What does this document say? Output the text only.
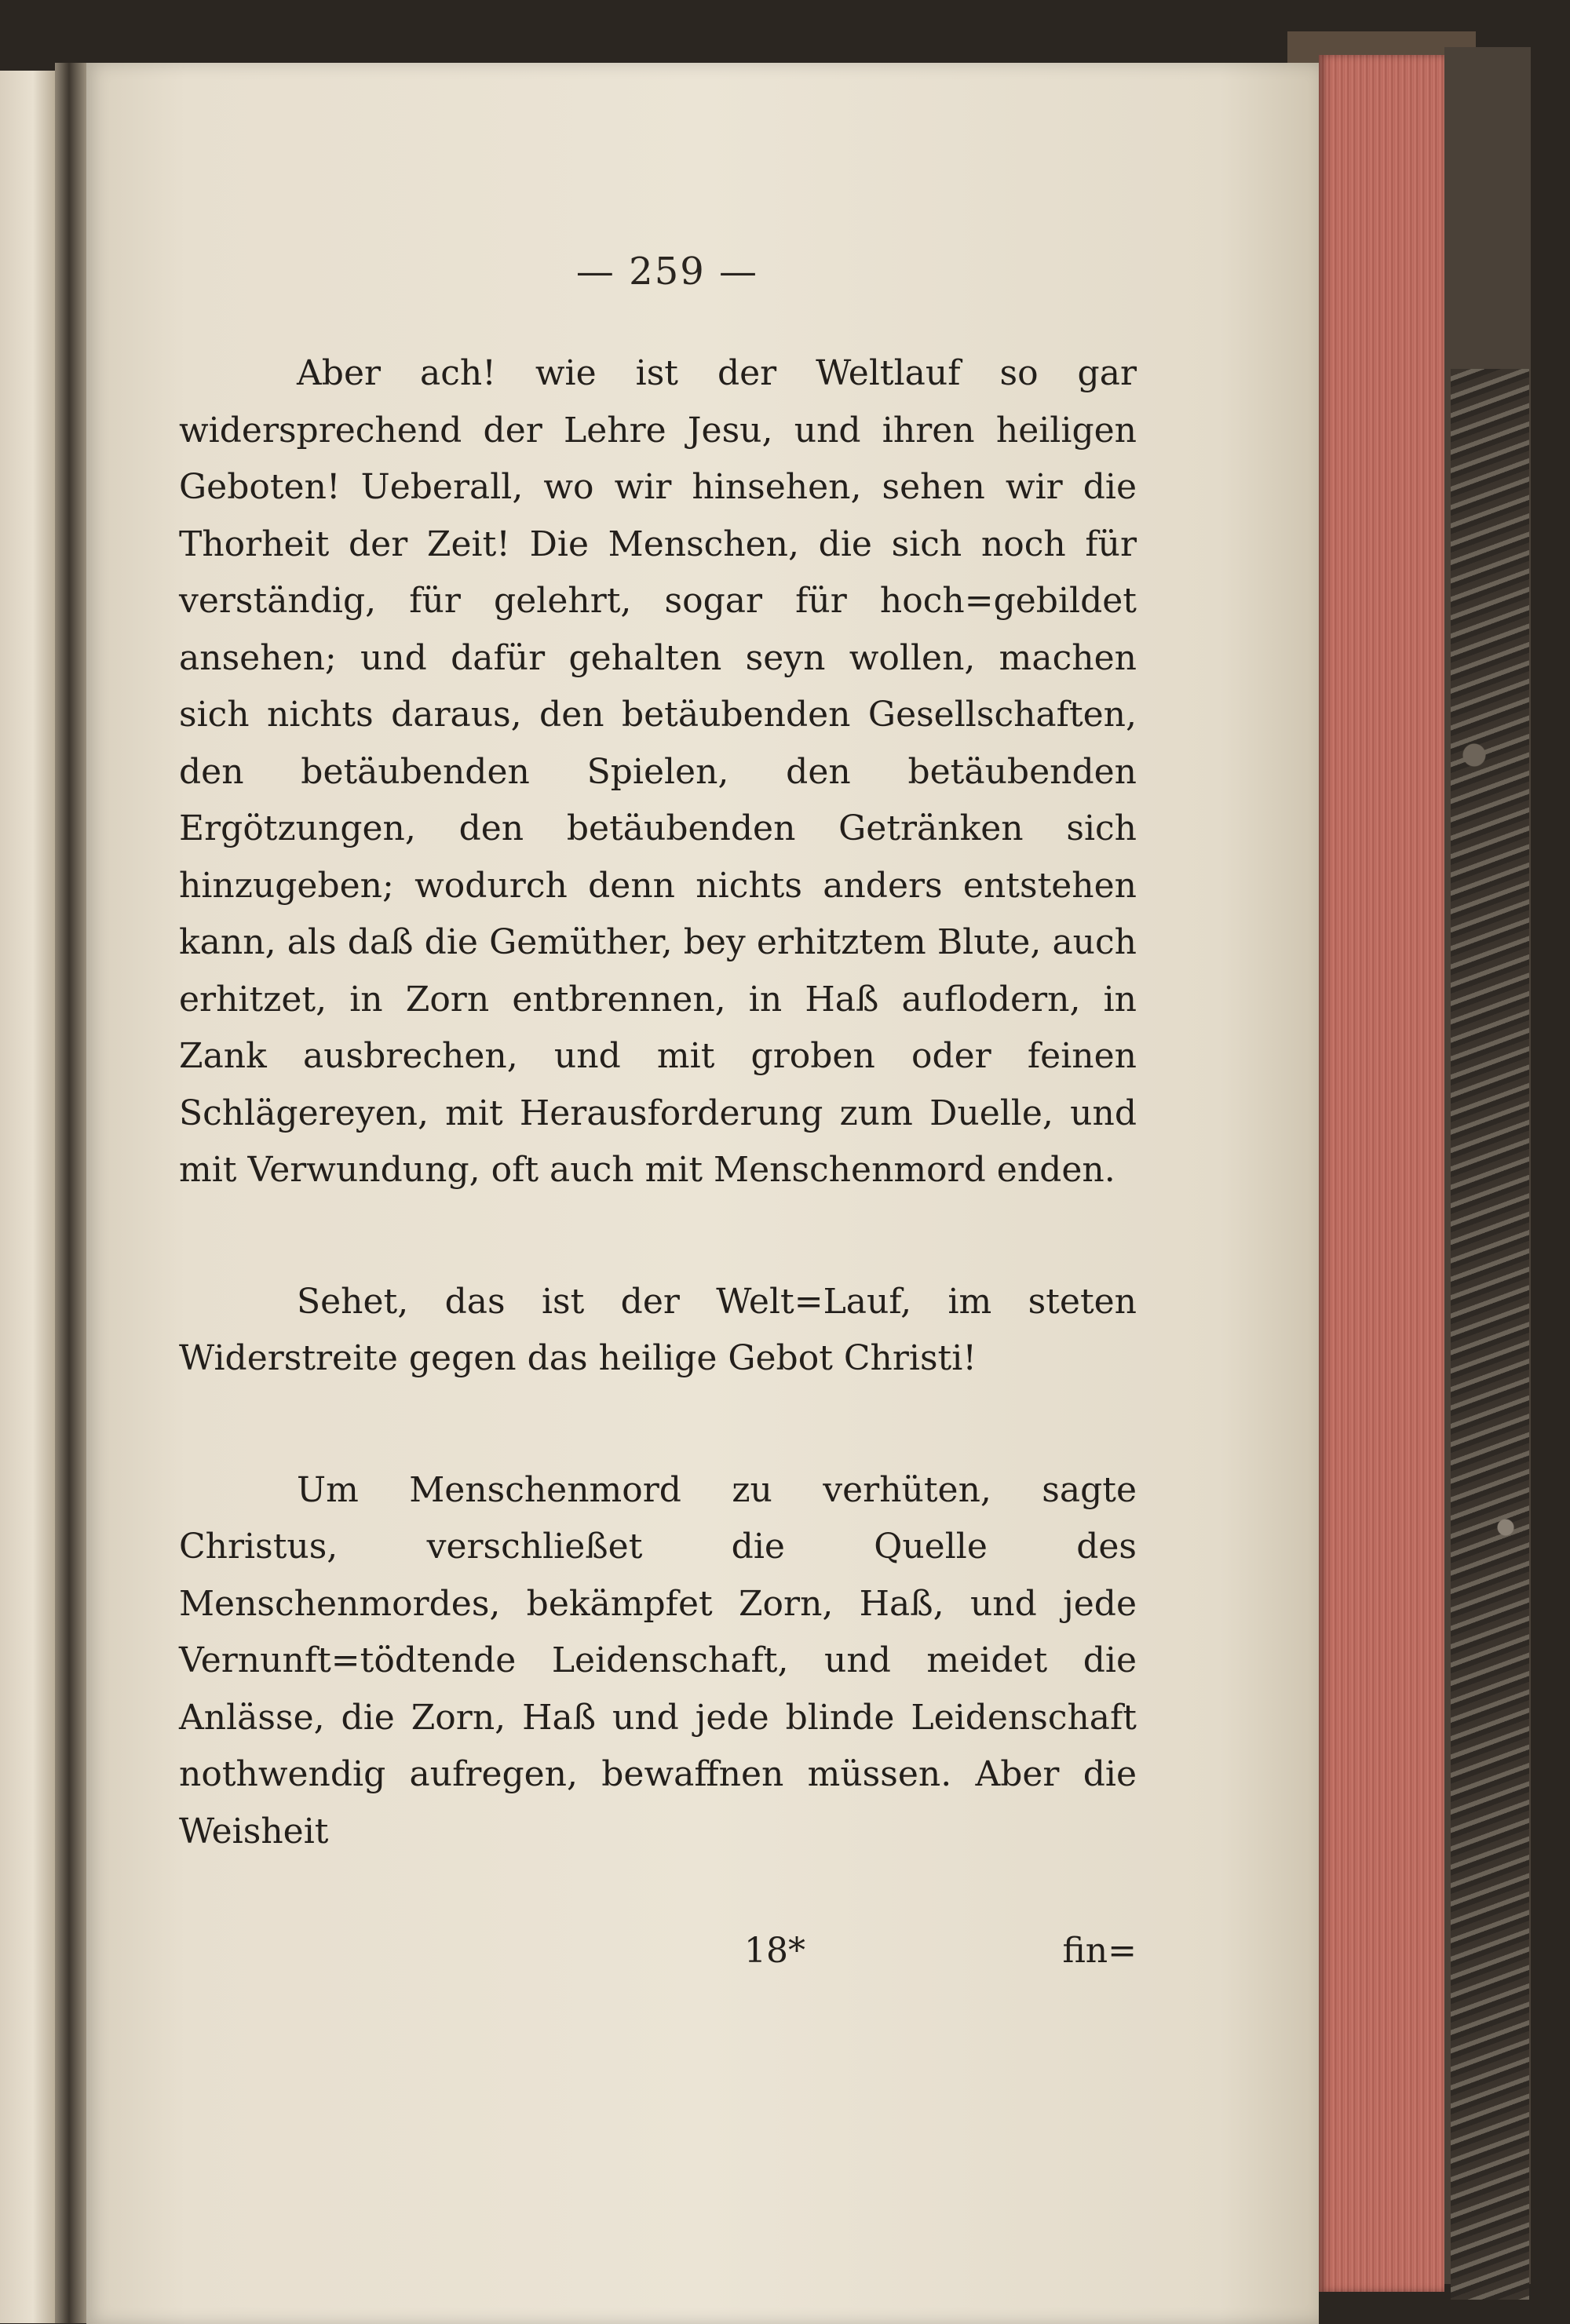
— 259 —

Aber ach! wie ist der Weltlauf so gar widersprechend der Lehre Jesu, und ihren heiligen Geboten! Ueberall, wo wir hinsehen, sehen wir die Thorheit der Zeit! Die Menschen, die sich noch für verständig, für gelehrt, sogar für hoch=gebildet ansehen; und dafür gehalten seyn wollen, machen sich nichts daraus, den betäubenden Gesellschaften, den betäubenden Spielen, den betäubenden Ergötzungen, den betäubenden Getränken sich hinzugeben; wodurch denn nichts anders entstehen kann, als daß die Gemüther, bey erhitztem Blute, auch erhitzet, in Zorn entbrennen, in Haß auflodern, in Zank ausbrechen, und mit groben oder feinen Schlägereyen, mit Herausforderung zum Duelle, und mit Verwundung, oft auch mit Menschenmord enden.

Sehet, das ist der Welt=Lauf, im steten Widerstreite gegen das heilige Gebot Christi!

Um Menschenmord zu verhüten, sagte Christus, verschließet die Quelle des Menschenmordes, bekämpfet Zorn, Haß, und jede Vernunft=tödtende Leidenschaft, und meidet die Anlässe, die Zorn, Haß und jede blinde Leidenschaft nothwendig aufregen, bewaffnen müssen. Aber die Weisheit

18*	fin=
